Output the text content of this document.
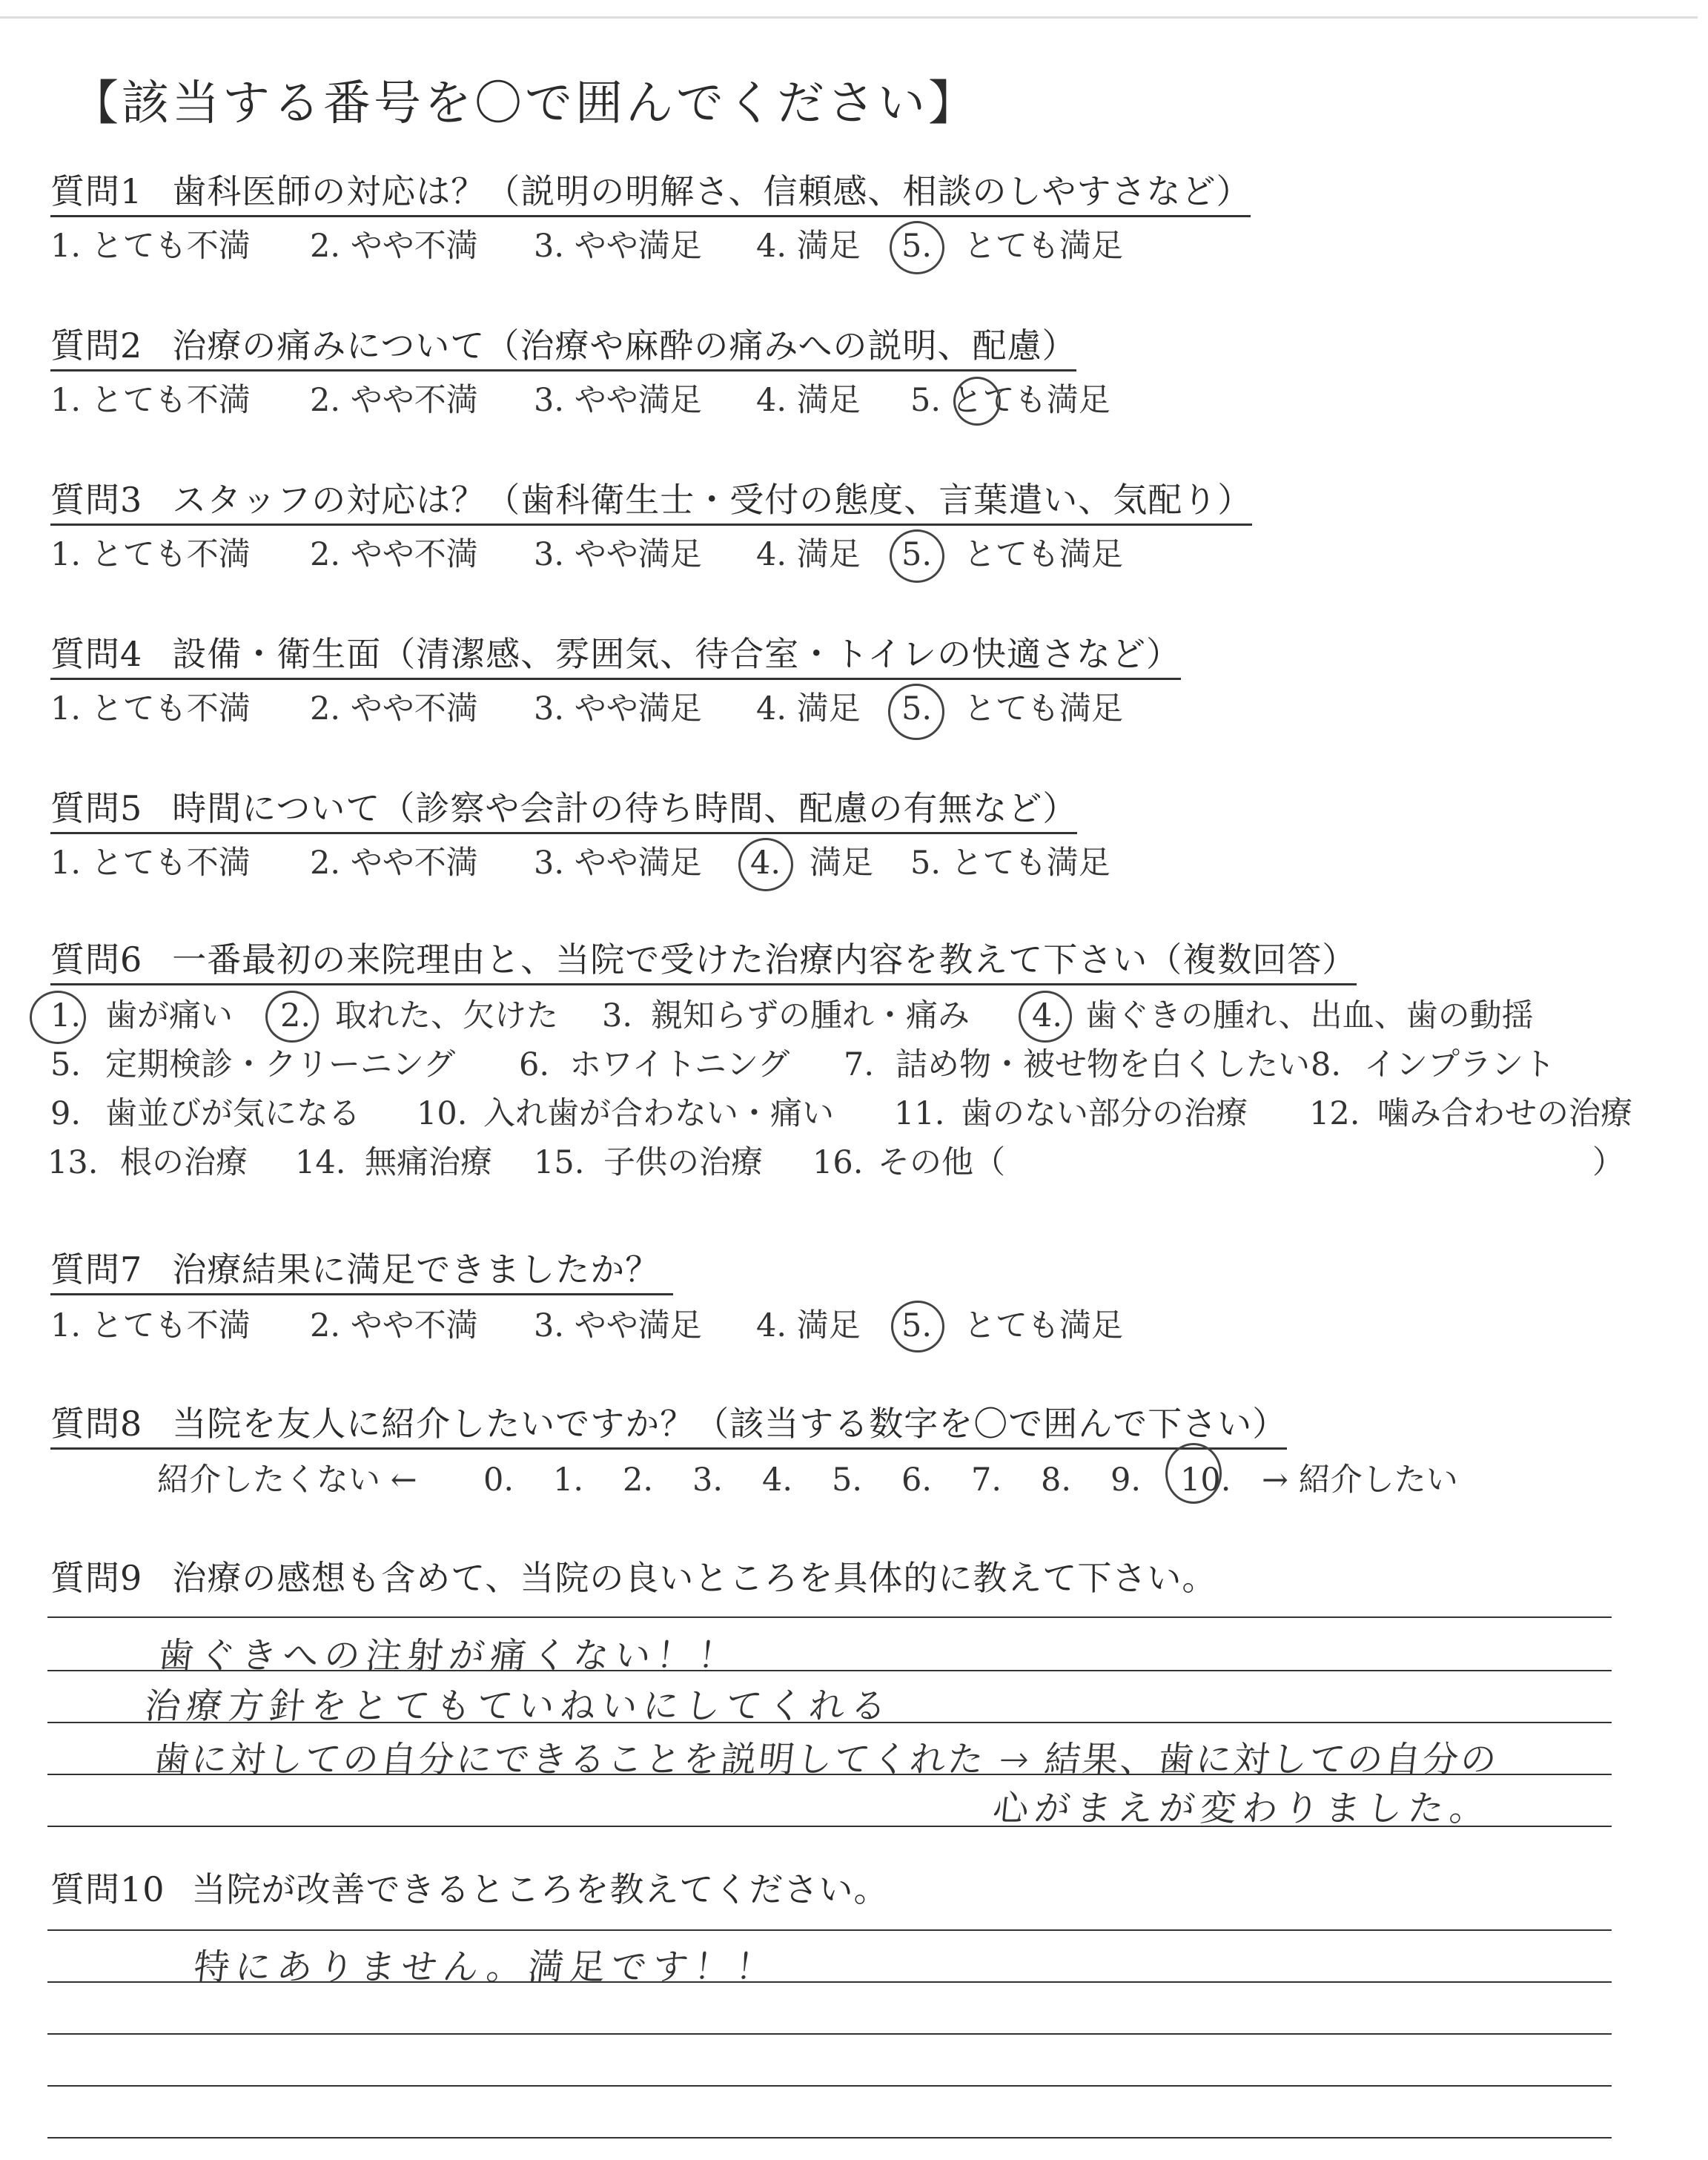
【該当する番号を〇で囲んでください】
質問1 歯科医師の対応は？（説明の明解さ、信頼感、相談のしやすさなど）
1. とても不満 2. やや不満 3. やや満足 4. 満足 5. とても満足
質問2 治療の痛みについて（治療や麻酔の痛みへの説明、配慮）
1. とても不満 2. やや不満 3. やや満足 4. 満足 5. とても満足
質問3 スタッフの対応は？（歯科衛生士・受付の態度、言葉遣い、気配り）
1. とても不満 2. やや不満 3. やや満足 4. 満足 5. とても満足
質問4 設備・衛生面（清潔感、雰囲気、待合室・トイレの快適さなど）
1. とても不満 2. やや不満 3. やや満足 4. 満足 5. とても満足
質問5 時間について（診察や会計の待ち時間、配慮の有無など）
1. とても不満 2. やや不満 3. やや満足 4. 満足 5. とても満足
質問6 一番最初の来院理由と、当院で受けた治療内容を教えて下さい（複数回答）
1. 歯が痛い 2. 取れた、欠けた 3. 親知らずの腫れ・痛み 4. 歯ぐきの腫れ、出血、歯の動揺
5. 定期検診・クリーニング 6. ホワイトニング 7. 詰め物・被せ物を白くしたい 8. インプラント
9. 歯並びが気になる 10. 入れ歯が合わない・痛い 11. 歯のない部分の治療 12. 噛み合わせの治療
13. 根の治療 14. 無痛治療 15. 子供の治療 16. その他（	）
質問7 治療結果に満足できましたか？
1. とても不満 2. やや不満 3. やや満足 4. 満足 5. とても満足
質問8 当院を友人に紹介したいですか？（該当する数字を〇で囲んで下さい）
紹介したくない ← 0. 1. 2. 3. 4. 5. 6. 7. 8. 9. 10. → 紹介したい
質問9 治療の感想も含めて、当院の良いところを具体的に教えて下さい。
歯ぐきへの注射が痛くない！！
治療方針をとてもていねいにしてくれる
歯に対しての自分にできることを説明してくれた → 結果、歯に対しての自分の
心がまえが変わりました。
質問10 当院が改善できるところを教えてください。
特にありません。満足です！！
